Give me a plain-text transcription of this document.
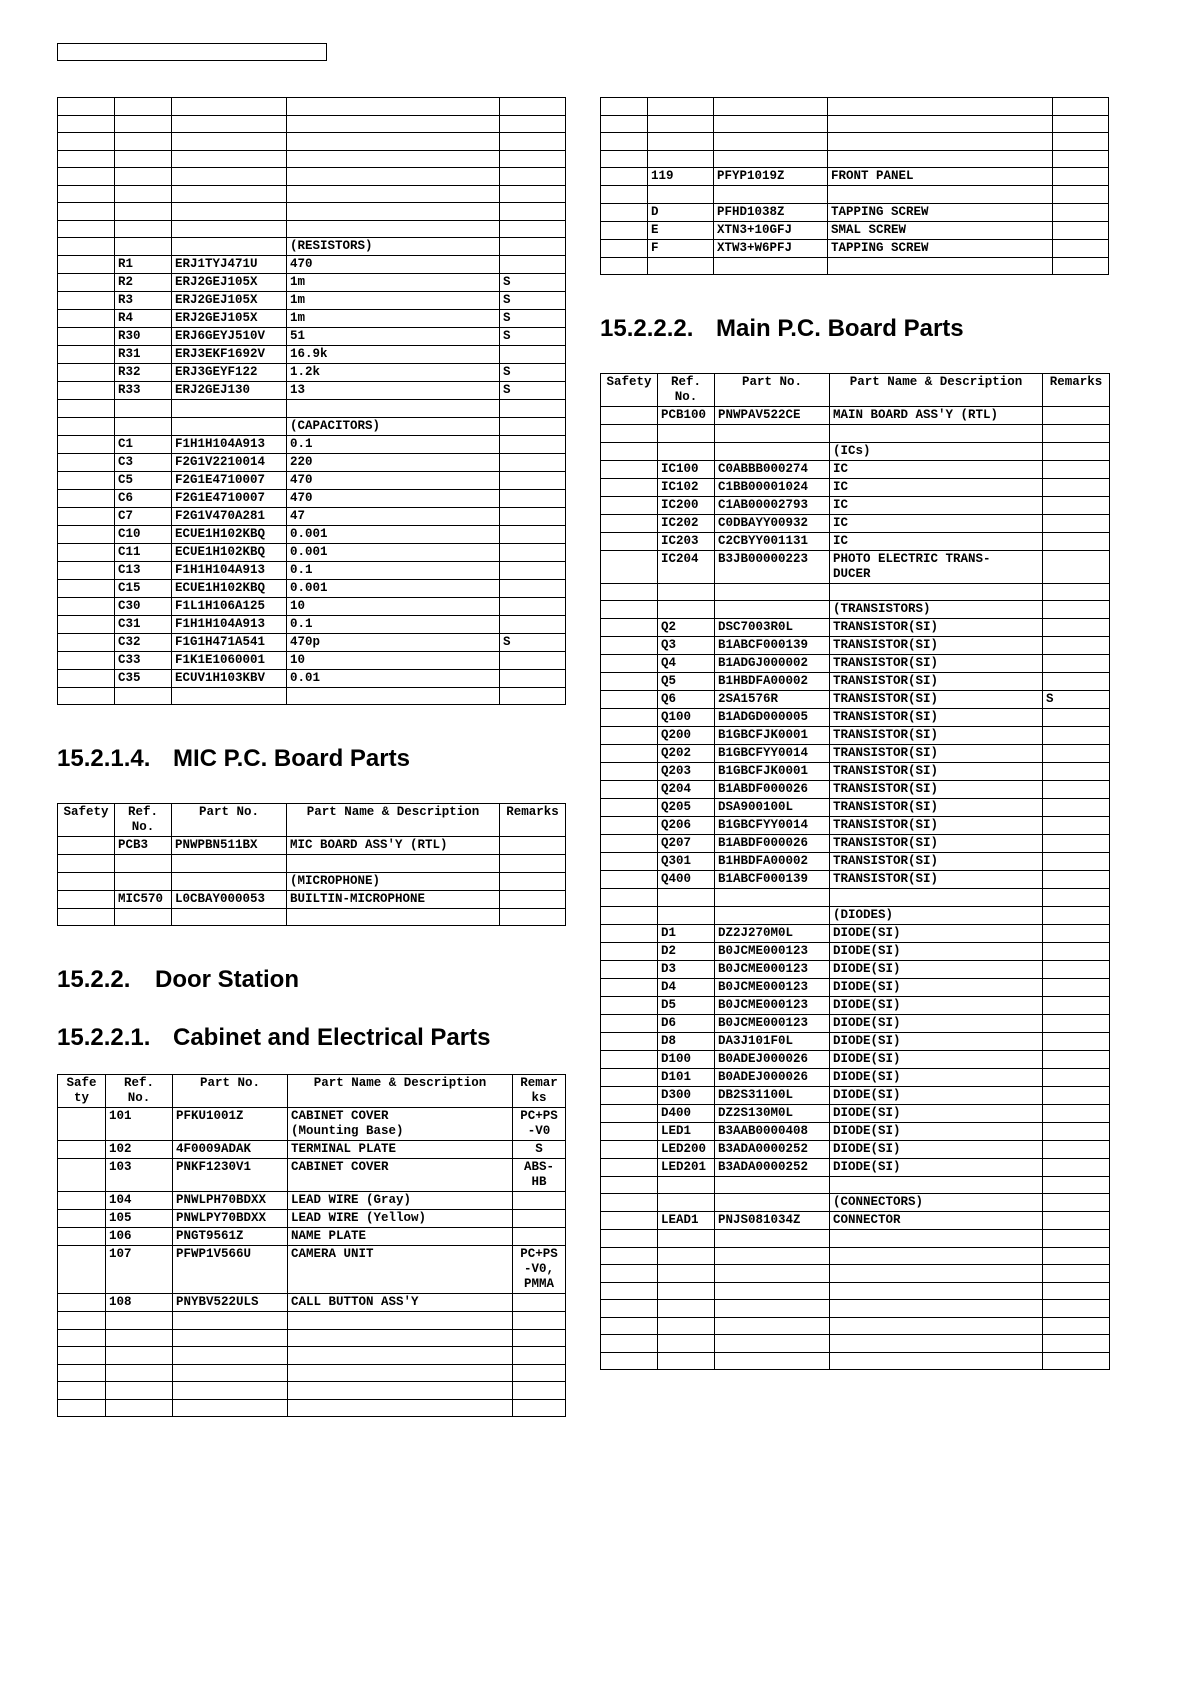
			(RESISTORS)	
	R1	ERJ1TYJ471U	470	
	R2	ERJ2GEJ105X	1m	S
	R3	ERJ2GEJ105X	1m	S
	R4	ERJ2GEJ105X	1m	S
	R30	ERJ6GEYJ510V	51	S
	R31	ERJ3EKF1692V	16.9k	
	R32	ERJ3GEYF122	1.2k	S
	R33	ERJ2GEJ130	13	S

			(CAPACITORS)	
	C1	F1H1H104A913	0.1	
	C3	F2G1V2210014	220	
	C5	F2G1E4710007	470	
	C6	F2G1E4710007	470	
	C7	F2G1V470A281	47	
	C10	ECUE1H102KBQ	0.001	
	C11	ECUE1H102KBQ	0.001	
	C13	F1H1H104A913	0.1	
	C15	ECUE1H102KBQ	0.001	
	C30	F1L1H106A125	10	
	C31	F1H1H104A913	0.1	
	C32	F1G1H471A541	470p	S
	C33	F1K1E1060001	10	
	C35	ECUV1H103KBV	0.01	

15.2.1.4. MIC P.C. Board Parts
Safety	Ref.
No.	Part No.	Part Name & Description	Remarks
	PCB3	PNWPBN511BX	MIC BOARD ASS'Y (RTL)	

			(MICROPHONE)	
	MIC570	L0CBAY000053	BUILTIN-MICROPHONE	

15.2.2. Door Station
15.2.2.1. Cabinet and Electrical Parts
Safe
ty	Ref.
No.	Part No.	Part Name & Description	Remar
ks
	101	PFKU1001Z	CABINET COVER
(Mounting Base)	PC+PS
-V0
	102	4F0009ADAK	TERMINAL PLATE	S
	103	PNKF1230V1	CABINET COVER	ABS-
HB
	104	PNWLPH70BDXX	LEAD WIRE (Gray)	
	105	PNWLPY70BDXX	LEAD WIRE (Yellow)	
	106	PNGT9561Z	NAME PLATE	
	107	PFWP1V566U	CAMERA UNIT	PC+PS
-V0,
PMMA
	108	PNYBV522ULS	CALL BUTTON ASS'Y	

	119	PFYP1019Z	FRONT PANEL	

	D	PFHD1038Z	TAPPING SCREW	
	E	XTN3+10GFJ	SMAL SCREW	
	F	XTW3+W6PFJ	TAPPING SCREW	

15.2.2.2. Main P.C. Board Parts
Safety	Ref.
No.	Part No.	Part Name & Description	Remarks
	PCB100	PNWPAV522CE	MAIN BOARD ASS'Y (RTL)	

			(ICs)	
	IC100	C0ABBB000274	IC	
	IC102	C1BB00001024	IC	
	IC200	C1AB00002793	IC	
	IC202	C0DBAYY00932	IC	
	IC203	C2CBYY001131	IC	
	IC204	B3JB00000223	PHOTO ELECTRIC TRANS-
DUCER	

			(TRANSISTORS)	
	Q2	DSC7003R0L	TRANSISTOR(SI)	
	Q3	B1ABCF000139	TRANSISTOR(SI)	
	Q4	B1ADGJ000002	TRANSISTOR(SI)	
	Q5	B1HBDFA00002	TRANSISTOR(SI)	
	Q6	2SA1576R	TRANSISTOR(SI)	S
	Q100	B1ADGD000005	TRANSISTOR(SI)	
	Q200	B1GBCFJK0001	TRANSISTOR(SI)	
	Q202	B1GBCFYY0014	TRANSISTOR(SI)	
	Q203	B1GBCFJK0001	TRANSISTOR(SI)	
	Q204	B1ABDF000026	TRANSISTOR(SI)	
	Q205	DSA900100L	TRANSISTOR(SI)	
	Q206	B1GBCFYY0014	TRANSISTOR(SI)	
	Q207	B1ABDF000026	TRANSISTOR(SI)	
	Q301	B1HBDFA00002	TRANSISTOR(SI)	
	Q400	B1ABCF000139	TRANSISTOR(SI)	

			(DIODES)	
	D1	DZ2J270M0L	DIODE(SI)	
	D2	B0JCME000123	DIODE(SI)	
	D3	B0JCME000123	DIODE(SI)	
	D4	B0JCME000123	DIODE(SI)	
	D5	B0JCME000123	DIODE(SI)	
	D6	B0JCME000123	DIODE(SI)	
	D8	DA3J101F0L	DIODE(SI)	
	D100	B0ADEJ000026	DIODE(SI)	
	D101	B0ADEJ000026	DIODE(SI)	
	D300	DB2S31100L	DIODE(SI)	
	D400	DZ2S130M0L	DIODE(SI)	
	LED1	B3AAB0000408	DIODE(SI)	
	LED200	B3ADA0000252	DIODE(SI)	
	LED201	B3ADA0000252	DIODE(SI)	

			(CONNECTORS)	
	LEAD1	PNJS081034Z	CONNECTOR	
